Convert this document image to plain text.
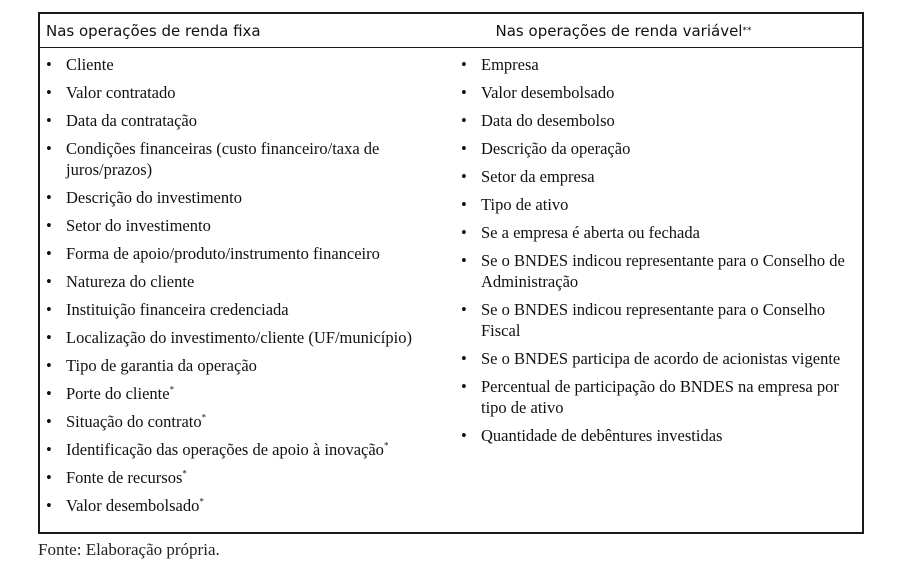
Nas operações de renda fixa	Nas operações de renda variável **
• Cliente
• Valor contratado
• Data da contratação
• Condições financeiras (custo financeiro/taxa de juros/prazos)
• Descrição do investimento
• Setor do investimento
• Forma de apoio/produto/instrumento financeiro
• Natureza do cliente
• Instituição financeira credenciada
• Localização do investimento/cliente (UF/município)
• Tipo de garantia da operação
• Porte do cliente*
• Situação do contrato*
• Identificação das operações de apoio à inovação*
• Fonte de recursos*
• Valor desembolsado*
• Empresa
• Valor desembolsado
• Data do desembolso
• Descrição da operação
• Setor da empresa
• Tipo de ativo
• Se a empresa é aberta ou fechada
• Se o BNDES indicou representante para o Conselho de Administração
• Se o BNDES indicou representante para o Conselho Fiscal
• Se o BNDES participa de acordo de acionistas vigente
• Percentual de participação do BNDES na empresa por tipo de ativo
• Quantidade de debêntures investidas
Fonte: Elaboração própria.
